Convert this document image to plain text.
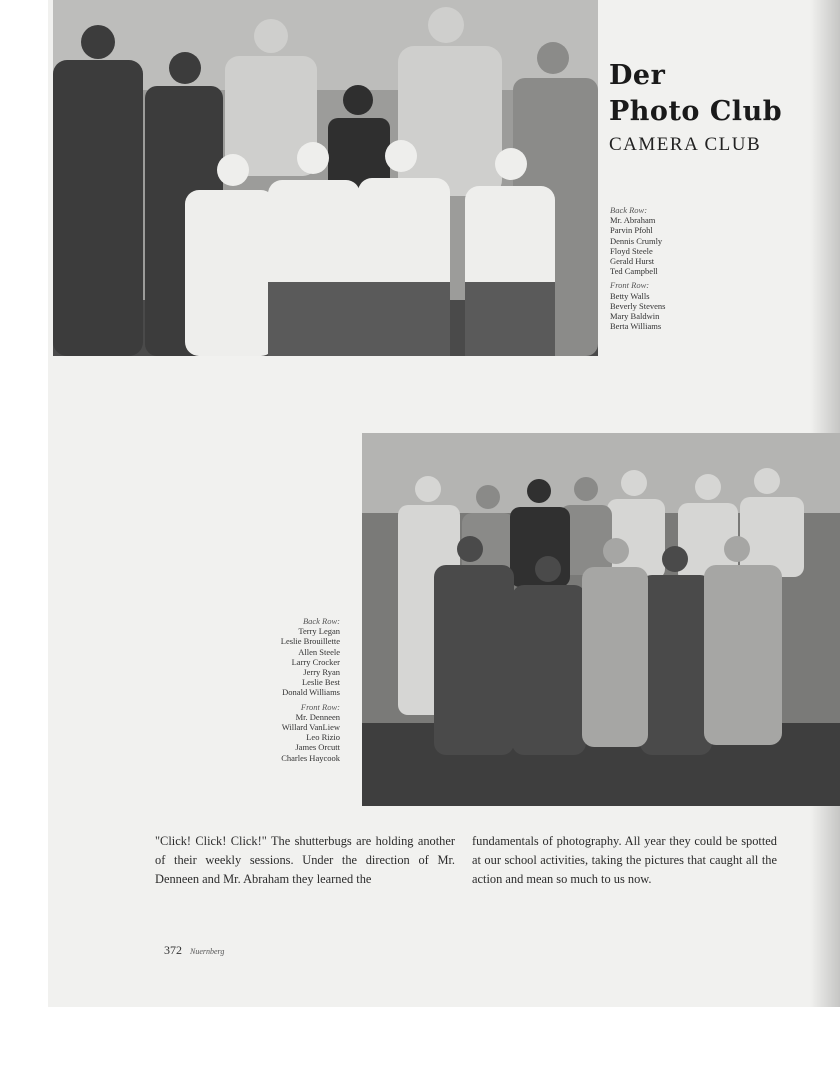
Der
Photo Club
CAMERA CLUB
Back Row:
Mr. Abraham
Parvin Pfohl
Dennis Crumly
Floyd Steele
Gerald Hurst
Ted Campbell
Front Row:
Betty Walls
Beverly Stevens
Mary Baldwin
Berta Williams
Back Row:
Terry Legan
Leslie Brouillette
Allen Steele
Larry Crocker
Jerry Ryan
Leslie Best
Donald Williams
Front Row:
Mr. Denneen
Willard VanLiew
Leo Rizio
James Orcutt
Charles Haycook
"Click! Click! Click!" The shutterbugs are holding another of their weekly sessions. Under the direction of Mr. Denneen and Mr. Abraham they learned the
fundamentals of photography. All year they could be spotted at our school activities, taking the pictures that caught all the action and mean so much to us now.
372 Nuernberg
